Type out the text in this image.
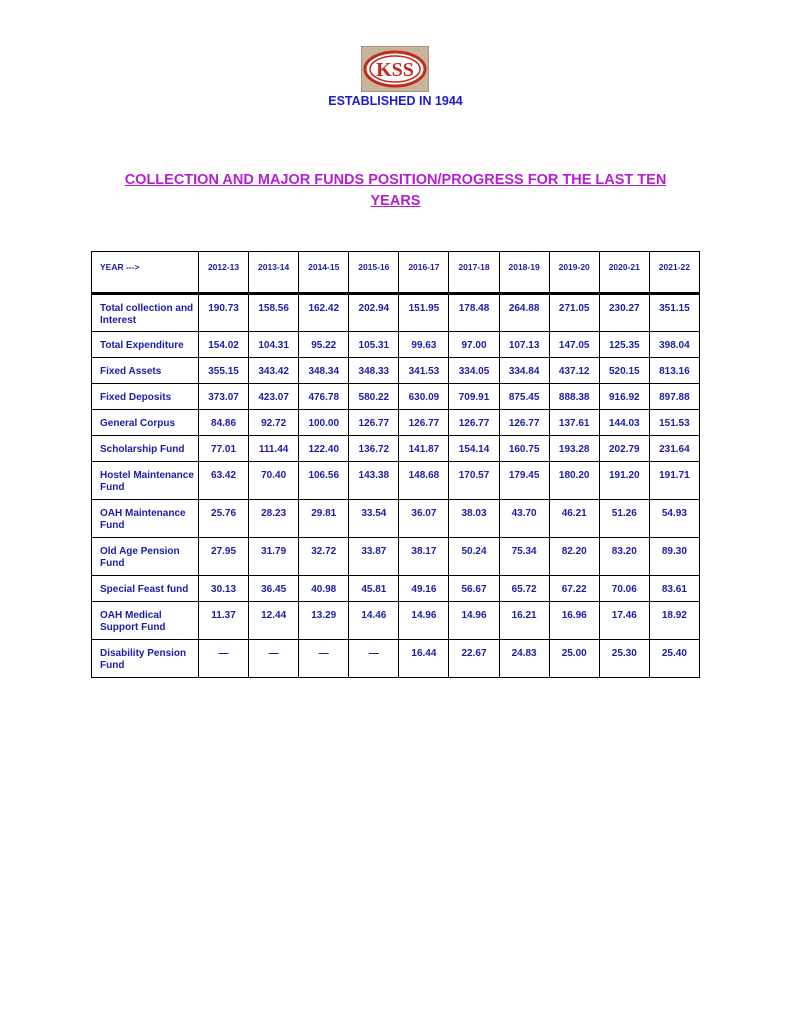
KSS
ESTABLISHED IN 1944
COLLECTION AND MAJOR FUNDS POSITION/PROGRESS FOR THE LAST TEN
YEARS
YEAR --->	2012-13	2013-14	2014-15	2015-16	2016-17	2017-18	2018-19	2019-20	2020-21	2021-22
Total collection and Interest	190.73	158.56	162.42	202.94	151.95	178.48	264.88	271.05	230.27	351.15
Total Expenditure	154.02	104.31	95.22	105.31	99.63	97.00	107.13	147.05	125.35	398.04
Fixed Assets	355.15	343.42	348.34	348.33	341.53	334.05	334.84	437.12	520.15	813.16
Fixed Deposits	373.07	423.07	476.78	580.22	630.09	709.91	875.45	888.38	916.92	897.88
General Corpus	84.86	92.72	100.00	126.77	126.77	126.77	126.77	137.61	144.03	151.53
Scholarship Fund	77.01	111.44	122.40	136.72	141.87	154.14	160.75	193.28	202.79	231.64
Hostel Maintenance Fund	63.42	70.40	106.56	143.38	148.68	170.57	179.45	180.20	191.20	191.71
OAH Maintenance Fund	25.76	28.23	29.81	33.54	36.07	38.03	43.70	46.21	51.26	54.93
Old Age Pension Fund	27.95	31.79	32.72	33.87	38.17	50.24	75.34	82.20	83.20	89.30
Special Feast fund	30.13	36.45	40.98	45.81	49.16	56.67	65.72	67.22	70.06	83.61
OAH Medical Support Fund	11.37	12.44	13.29	14.46	14.96	14.96	16.21	16.96	17.46	18.92
Disability Pension Fund	—	—	—	—	16.44	22.67	24.83	25.00	25.30	25.40
